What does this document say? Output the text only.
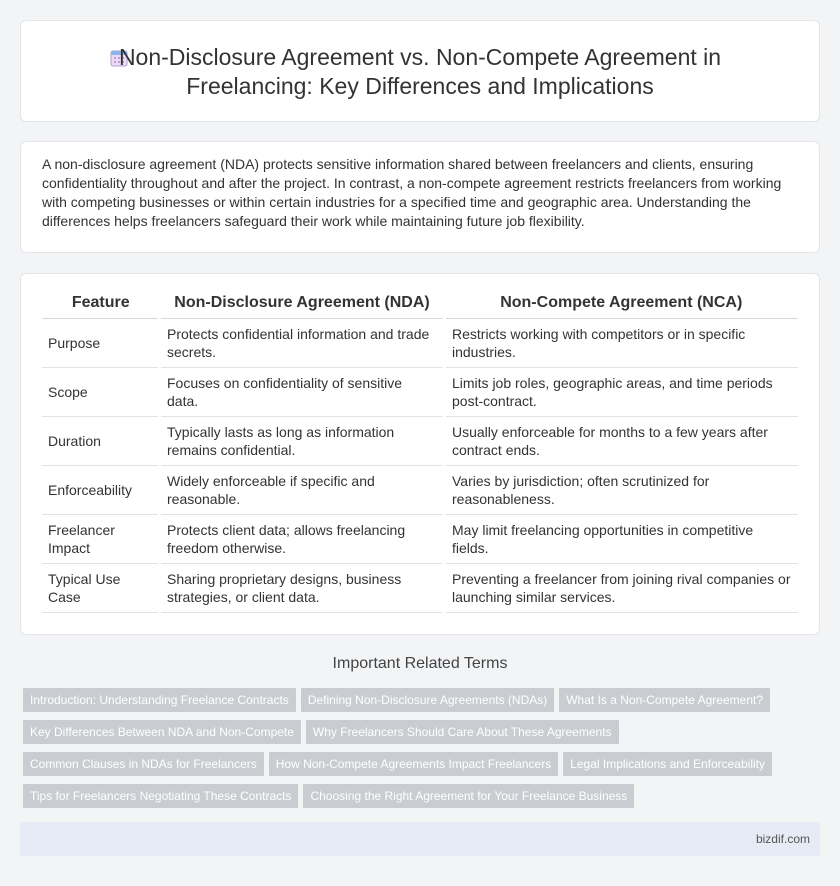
Non-Disclosure Agreement vs. Non-Compete Agreement in
Freelancing: Key Differences and Implications

A non-disclosure agreement (NDA) protects sensitive information shared between freelancers and clients, ensuring confidentiality throughout and after the project. In contrast, a non-compete agreement restricts freelancers from working with competing businesses or within certain industries for a specified time and geographic area. Understanding the differences helps freelancers safeguard their work while maintaining future job flexibility.

Feature	Non-Disclosure Agreement (NDA)	Non-Compete Agreement (NCA)
Purpose	Protects confidential information and trade secrets.	Restricts working with competitors or in specific industries.
Scope	Focuses on confidentiality of sensitive data.	Limits job roles, geographic areas, and time periods post-contract.
Duration	Typically lasts as long as information remains confidential.	Usually enforceable for months to a few years after contract ends.
Enforceability	Widely enforceable if specific and reasonable.	Varies by jurisdiction; often scrutinized for reasonableness.
Freelancer Impact	Protects client data; allows freelancing freedom otherwise.	May limit freelancing opportunities in competitive fields.
Typical Use Case	Sharing proprietary designs, business strategies, or client data.	Preventing a freelancer from joining rival companies or launching similar services.
Important Related Terms
Introduction: Understanding Freelance Contracts Defining Non-Disclosure Agreements (NDAs) What Is a Non-Compete Agreement?
Key Differences Between NDA and Non-Compete Why Freelancers Should Care About These Agreements
Common Clauses in NDAs for Freelancers How Non-Compete Agreements Impact Freelancers Legal Implications and Enforceability
Tips for Freelancers Negotiating These Contracts Choosing the Right Agreement for Your Freelance Business
bizdif.com
